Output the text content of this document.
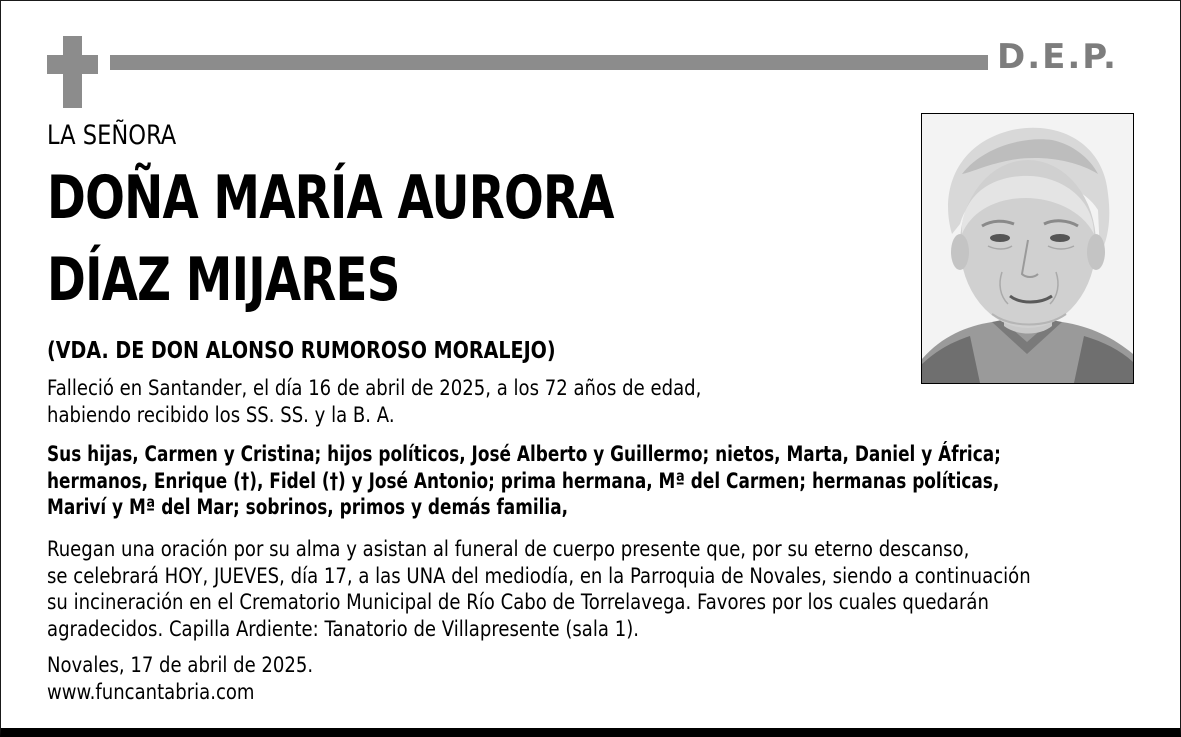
D.E.P.
LA SEÑORA
DOÑA MARÍA AURORA
DÍAZ MIJARES
(VDA. DE DON ALONSO RUMOROSO MORALEJO)
Falleció en Santander, el día 16 de abril de 2025, a los 72 años de edad,
habiendo recibido los SS. SS. y la B. A.
Sus hijas, Carmen y Cristina; hijos políticos, José Alberto y Guillermo; nietos, Marta, Daniel y África;
hermanos, Enrique (†), Fidel (†) y José Antonio; prima hermana, Mª del Carmen; hermanas políticas,
Mariví y Mª del Mar; sobrinos, primos y demás familia,
Ruegan una oración por su alma y asistan al funeral de cuerpo presente que, por su eterno descanso,
se celebrará HOY, JUEVES, día 17, a las UNA del mediodía, en la Parroquia de Novales, siendo a continuación
su incineración en el Crematorio Municipal de Río Cabo de Torrelavega. Favores por los cuales quedarán
agradecidos. Capilla Ardiente: Tanatorio de Villapresente (sala 1).
Novales, 17 de abril de 2025.
www.funcantabria.com
